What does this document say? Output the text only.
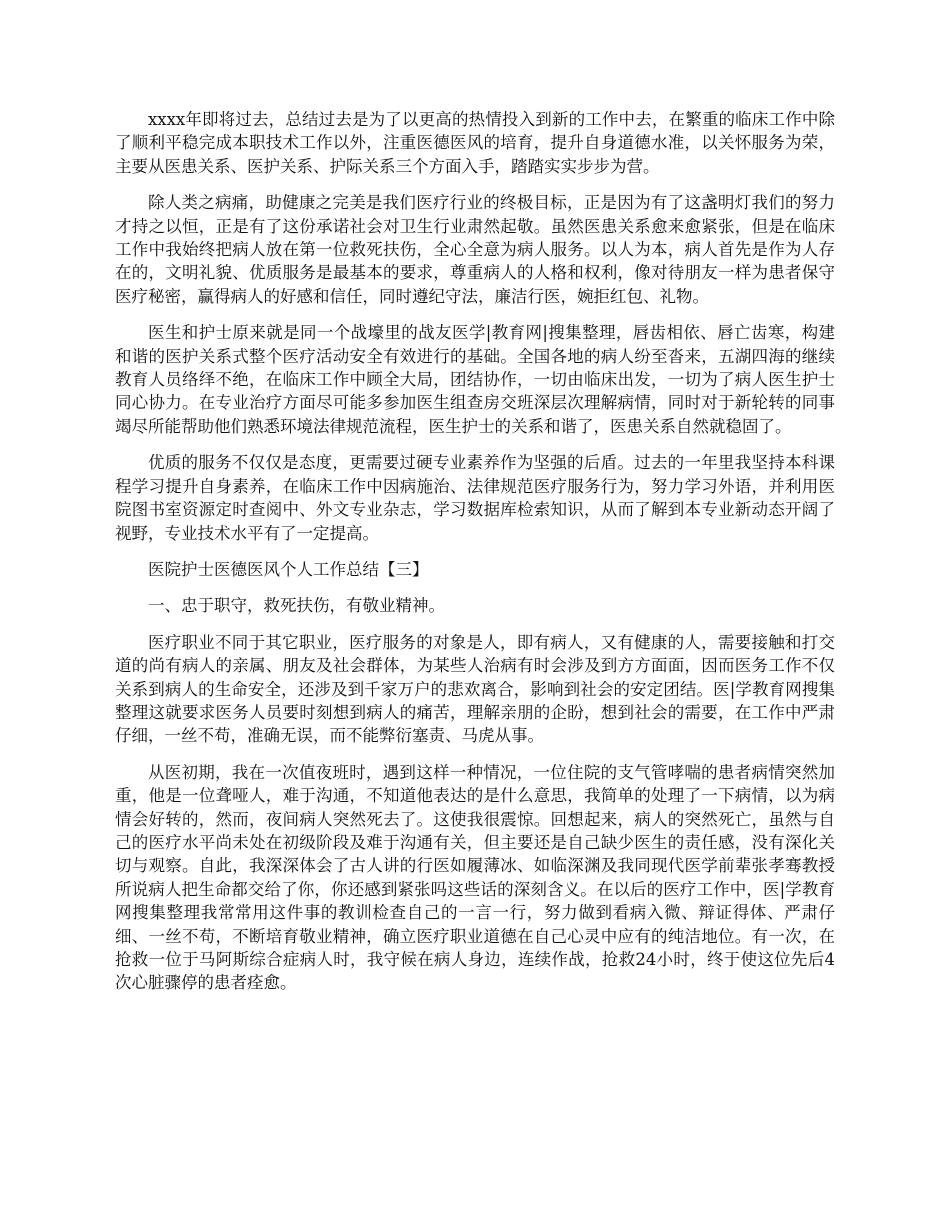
xxxx年即将过去，总结过去是为了以更高的热情投入到新的工作中去，在繁重的临床工作中除了顺利平稳完成本职技术工作以外，注重医德医风的培育，提升自身道德水准，以关怀服务为荣，主要从医患关系、医护关系、护际关系三个方面入手，踏踏实实步步为营。

除人类之病痛，助健康之完美是我们医疗行业的终极目标，正是因为有了这盏明灯我们的努力才持之以恒，正是有了这份承诺社会对卫生行业肃然起敬。虽然医患关系愈来愈紧张，但是在临床工作中我始终把病人放在第一位救死扶伤，全心全意为病人服务。以人为本，病人首先是作为人存在的，文明礼貌、优质服务是最基本的要求，尊重病人的人格和权利，像对待朋友一样为患者保守医疗秘密，赢得病人的好感和信任，同时遵纪守法，廉洁行医，婉拒红包、礼物。

医生和护士原来就是同一个战壕里的战友医学|教育网|搜集整理，唇齿相依、唇亡齿寒，构建和谐的医护关系式整个医疗活动安全有效进行的基础。全国各地的病人纷至沓来，五湖四海的继续教育人员络绎不绝，在临床工作中顾全大局，团结协作，一切由临床出发，一切为了病人医生护士同心协力。在专业治疗方面尽可能多参加医生组查房交班深层次理解病情，同时对于新轮转的同事竭尽所能帮助他们熟悉环境法律规范流程，医生护士的关系和谐了，医患关系自然就稳固了。

优质的服务不仅仅是态度，更需要过硬专业素养作为坚强的后盾。过去的一年里我坚持本科课程学习提升自身素养，在临床工作中因病施治、法律规范医疗服务行为，努力学习外语，并利用医院图书室资源定时查阅中、外文专业杂志，学习数据库检索知识，从而了解到本专业新动态开阔了视野，专业技术水平有了一定提高。

医院护士医德医风个人工作总结【三】

一、忠于职守，救死扶伤，有敬业精神。

医疗职业不同于其它职业，医疗服务的对象是人，即有病人，又有健康的人，需要接触和打交道的尚有病人的亲属、朋友及社会群体，为某些人治病有时会涉及到方方面面，因而医务工作不仅关系到病人的生命安全，还涉及到千家万户的悲欢离合，影响到社会的安定团结。医|学教育网搜集整理这就要求医务人员要时刻想到病人的痛苦，理解亲朋的企盼，想到社会的需要，在工作中严肃仔细，一丝不苟，准确无误，而不能弊衍塞责、马虎从事。

从医初期，我在一次值夜班时，遇到这样一种情况，一位住院的支气管哮喘的患者病情突然加重，他是一位聋哑人，难于沟通，不知道他表达的是什么意思，我简单的处理了一下病情，以为病情会好转的，然而，夜间病人突然死去了。这使我很震惊。回想起来，病人的突然死亡，虽然与自己的医疗水平尚未处在初级阶段及难于沟通有关，但主要还是自己缺少医生的责任感，没有深化关切与观察。自此，我深深体会了古人讲的行医如履薄冰、如临深渊及我同现代医学前辈张孝骞教授所说病人把生命都交给了你，你还感到紧张吗这些话的深刻含义。在以后的医疗工作中，医|学教育网搜集整理我常常用这件事的教训检查自己的一言一行，努力做到看病入微、辩证得体、严肃仔细、一丝不苟，不断培育敬业精神，确立医疗职业道德在自己心灵中应有的纯洁地位。有一次，在抢救一位于马阿斯综合症病人时，我守候在病人身边，连续作战，抢救24小时，终于使这位先后4次心脏骤停的患者痊愈。
